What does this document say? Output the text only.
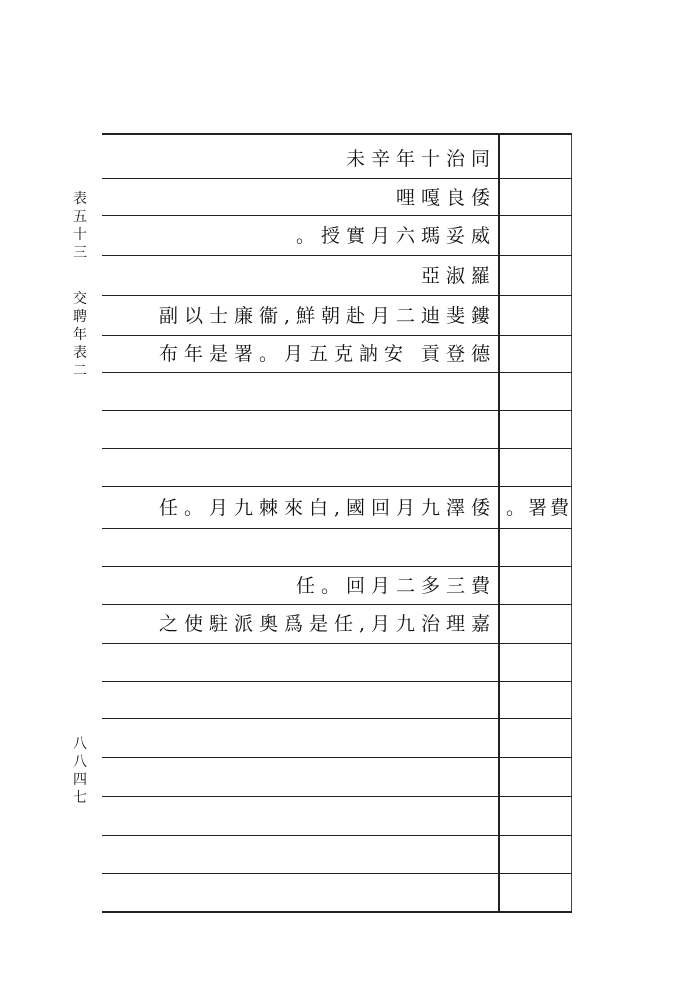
表
五
十
三
交
聘
年
表
二
八
八
四
七
同治十年辛未
倭良嘎哩
威妥瑪六月實授。
羅淑亞
鏤斐迪二月赴朝鮮,衞廉士以副
德登貢 安訥克五月。署是年布
倭澤九月回國,白來棘九月。任 費署。
費三多二月回。任
嘉理治九月,任是爲奧派駐使之
